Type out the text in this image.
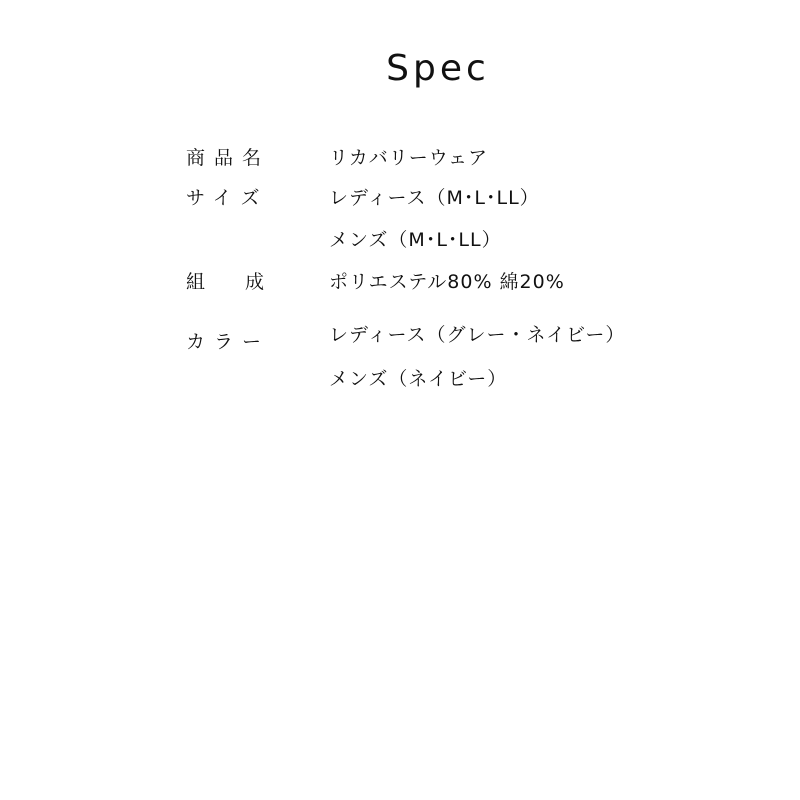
Spec
商品名	リカバリーウェア
サイズ	レディース（M･L･LL）
メンズ（M･L･LL）
組成 ポリエステル80% 綿20%
カラー	レディース（グレー・ネイビー）
メンズ（ネイビー）
